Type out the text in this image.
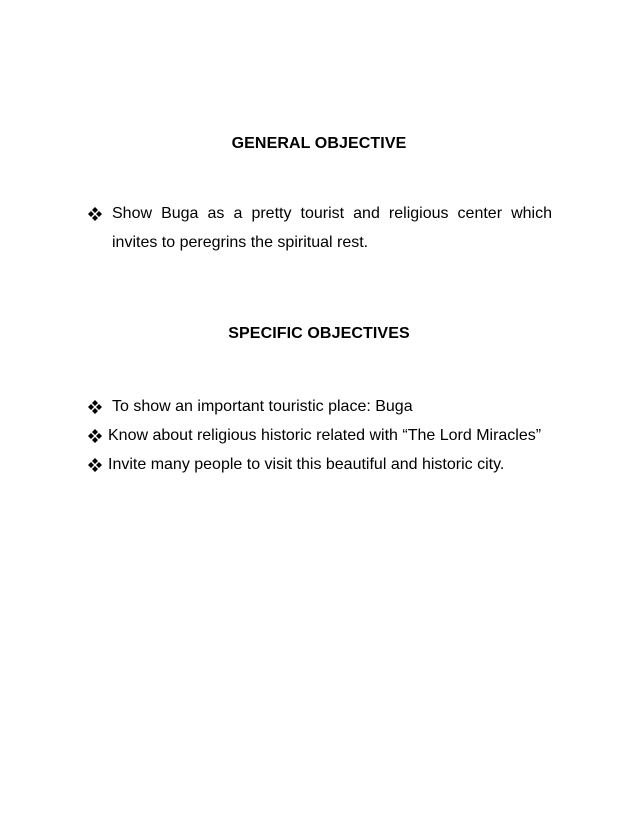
GENERAL OBJECTIVE
Show Buga as a pretty tourist and religious center which invites to peregrins the spiritual rest.
SPECIFIC OBJECTIVES
To show an important touristic place: Buga
Know about religious historic related with “The Lord Miracles”
Invite many people to visit this beautiful and historic city.
